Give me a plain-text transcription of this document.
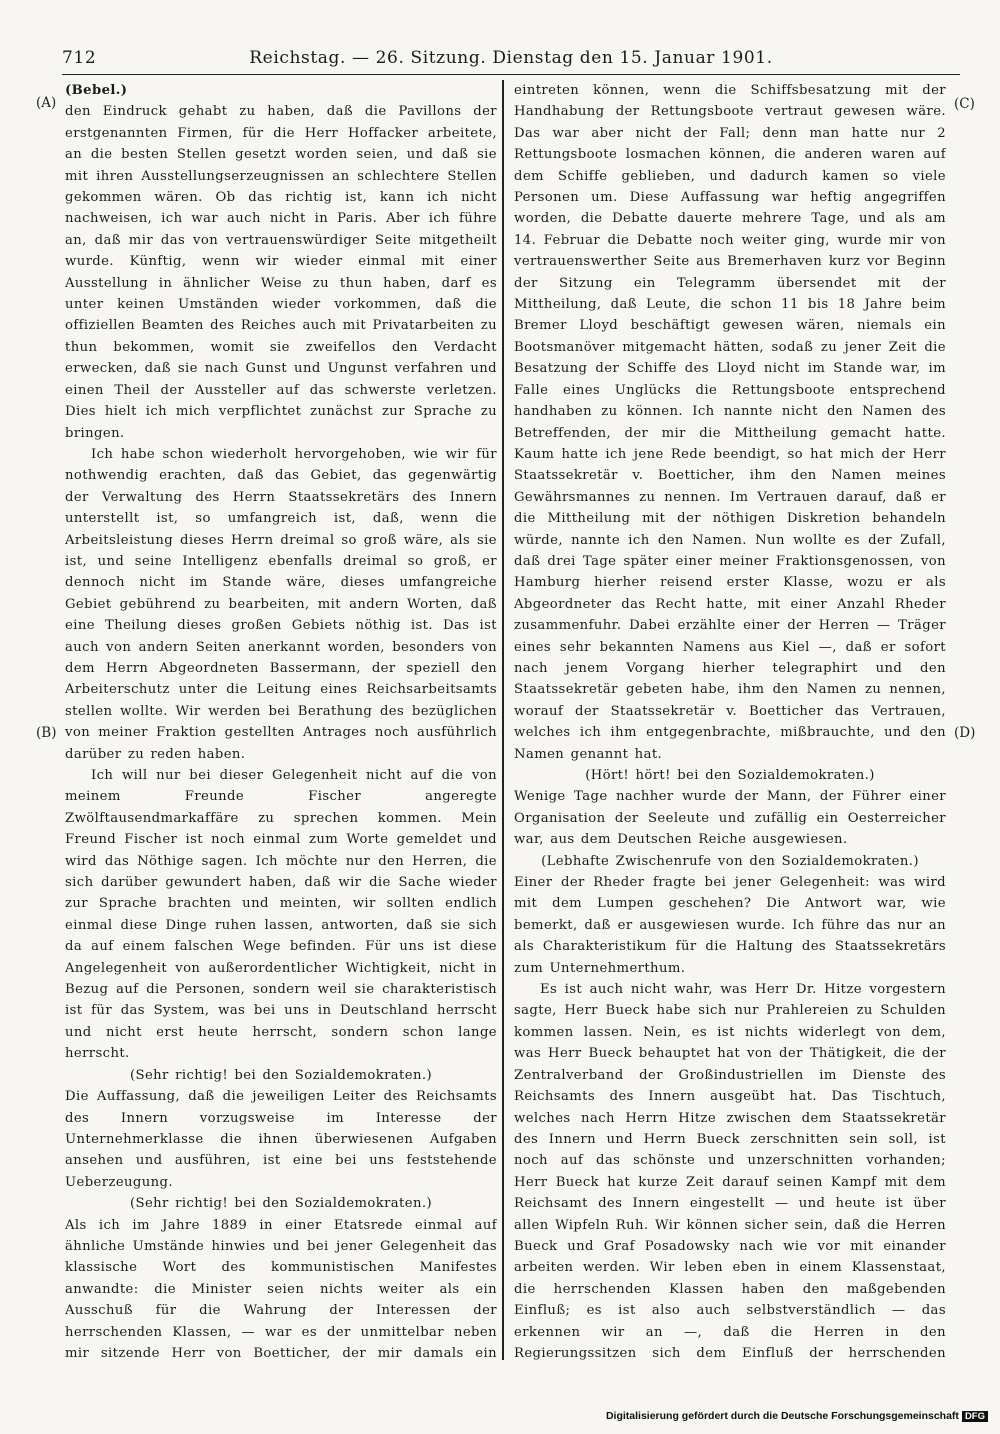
712	Reichstag. — 26. Sitzung. Dienstag den 15. Januar 1901.
(A)
(B)
(C)
(D)

(Bebel.)

den Eindruck gehabt zu haben, daß die Pavillons der erstgenannten Firmen, für die Herr Hoffacker arbeitete, an die besten Stellen gesetzt worden seien, und daß sie mit ihren Ausstellungserzeugnissen an schlechtere Stellen gekommen wären. Ob das richtig ist, kann ich nicht nachweisen, ich war auch nicht in Paris. Aber ich führe an, daß mir das von vertrauenswürdiger Seite mitgetheilt wurde. Künftig, wenn wir wieder einmal mit einer Ausstellung in ähnlicher Weise zu thun haben, darf es unter keinen Umständen wieder vorkommen, daß die offiziellen Beamten des Reiches auch mit Privatarbeiten zu thun bekommen, womit sie zweifellos den Verdacht erwecken, daß sie nach Gunst und Ungunst verfahren und einen Theil der Aussteller auf das schwerste verletzen. Dies hielt ich mich verpflichtet zunächst zur Sprache zu bringen.

Ich habe schon wiederholt hervorgehoben, wie wir für nothwendig erachten, daß das Gebiet, das gegenwärtig der Verwaltung des Herrn Staatssekretärs des Innern unterstellt ist, so umfangreich ist, daß, wenn die Arbeitsleistung dieses Herrn dreimal so groß wäre, als sie ist, und seine Intelligenz ebenfalls dreimal so groß, er dennoch nicht im Stande wäre, dieses umfangreiche Gebiet gebührend zu bearbeiten, mit andern Worten, daß eine Theilung dieses großen Gebiets nöthig ist. Das ist auch von andern Seiten anerkannt worden, besonders von dem Herrn Abgeordneten Bassermann, der speziell den Arbeiterschutz unter die Leitung eines Reichsarbeitsamts stellen wollte. Wir werden bei Berathung des bezüglichen von meiner Fraktion gestellten Antrages noch ausführlich darüber zu reden haben.

Ich will nur bei dieser Gelegenheit nicht auf die von meinem Freunde Fischer angeregte Zwölftausendmarkaffäre zu sprechen kommen. Mein Freund Fischer ist noch einmal zum Worte gemeldet und wird das Nöthige sagen. Ich möchte nur den Herren, die sich darüber gewundert haben, daß wir die Sache wieder zur Sprache brachten und meinten, wir sollten endlich einmal diese Dinge ruhen lassen, antworten, daß sie sich da auf einem falschen Wege befinden. Für uns ist diese Angelegenheit von außerordentlicher Wichtigkeit, nicht in Bezug auf die Personen, sondern weil sie charakteristisch ist für das System, was bei uns in Deutschland herrscht und nicht erst heute herrscht, sondern schon lange herrscht.

(Sehr richtig! bei den Sozialdemokraten.)

Die Auffassung, daß die jeweiligen Leiter des Reichsamts des Innern vorzugsweise im Interesse der Unternehmerklasse die ihnen überwiesenen Aufgaben ansehen und ausführen, ist eine bei uns feststehende Ueberzeugung.

(Sehr richtig! bei den Sozialdemokraten.)

Als ich im Jahre 1889 in einer Etatsrede einmal auf ähnliche Umstände hinwies und bei jener Gelegenheit das klassische Wort des kommunistischen Manifestes anwandte: die Minister seien nichts weiter als ein Ausschuß für die Wahrung der Interessen der herrschenden Klassen, — war es der unmittelbar neben mir sitzende Herr von Boetticher, der mir damals ein

eintreten können, wenn die Schiffsbesatzung mit der Handhabung der Rettungsboote vertraut gewesen wäre. Das war aber nicht der Fall; denn man hatte nur 2 Rettungsboote losmachen können, die anderen waren auf dem Schiffe geblieben, und dadurch kamen so viele Personen um. Diese Auffassung war heftig angegriffen worden, die Debatte dauerte mehrere Tage, und als am 14. Februar die Debatte noch weiter ging, wurde mir von vertrauenswerther Seite aus Bremerhaven kurz vor Beginn der Sitzung ein Telegramm übersendet mit der Mittheilung, daß Leute, die schon 11 bis 18 Jahre beim Bremer Lloyd beschäftigt gewesen wären, niemals ein Bootsmanöver mitgemacht hätten, sodaß zu jener Zeit die Besatzung der Schiffe des Lloyd nicht im Stande war, im Falle eines Unglücks die Rettungsboote entsprechend handhaben zu können. Ich nannte nicht den Namen des Betreffenden, der mir die Mittheilung gemacht hatte. Kaum hatte ich jene Rede beendigt, so hat mich der Herr Staatssekretär v. Boetticher, ihm den Namen meines Gewährsmannes zu nennen. Im Vertrauen darauf, daß er die Mittheilung mit der nöthigen Diskretion behandeln würde, nannte ich den Namen. Nun wollte es der Zufall, daß drei Tage später einer meiner Fraktionsgenossen, von Hamburg hierher reisend erster Klasse, wozu er als Abgeordneter das Recht hatte, mit einer Anzahl Rheder zusammenfuhr. Dabei erzählte einer der Herren — Träger eines sehr bekannten Namens aus Kiel —, daß er sofort nach jenem Vorgang hierher telegraphirt und den Staatssekretär gebeten habe, ihm den Namen zu nennen, worauf der Staatssekretär v. Boetticher das Vertrauen, welches ich ihm entgegenbrachte, mißbrauchte, und den Namen genannt hat.

(Hört! hört! bei den Sozialdemokraten.)

Wenige Tage nachher wurde der Mann, der Führer einer Organisation der Seeleute und zufällig ein Oesterreicher war, aus dem Deutschen Reiche ausgewiesen.

(Lebhafte Zwischenrufe von den Sozialdemokraten.)

Einer der Rheder fragte bei jener Gelegenheit: was wird mit dem Lumpen geschehen? Die Antwort war, wie bemerkt, daß er ausgewiesen wurde. Ich führe das nur an als Charakteristikum für die Haltung des Staatssekretärs zum Unternehmerthum.

Es ist auch nicht wahr, was Herr Dr. Hitze vorgestern sagte, Herr Bueck habe sich nur Prahlereien zu Schulden kommen lassen. Nein, es ist nichts widerlegt von dem, was Herr Bueck behauptet hat von der Thätigkeit, die der Zentralverband der Großindustriellen im Dienste des Reichsamts des Innern ausgeübt hat. Das Tischtuch, welches nach Herrn Hitze zwischen dem Staatssekretär des Innern und Herrn Bueck zerschnitten sein soll, ist noch auf das schönste und unzerschnitten vorhanden; Herr Bueck hat kurze Zeit darauf seinen Kampf mit dem Reichsamt des Innern eingestellt — und heute ist über allen Wipfeln Ruh. Wir können sicher sein, daß die Herren Bueck und Graf Posadowsky nach wie vor mit einander arbeiten werden. Wir leben eben in einem Klassenstaat, die herrschenden Klassen haben den maßgebenden Einfluß; es ist also auch selbstverständlich — das erkennen wir an —, daß die Herren in den Regierungssitzen sich dem Einfluß der herrschenden

Digitalisierung gefördert durch die Deutsche Forschungsgemeinschaft DFG
